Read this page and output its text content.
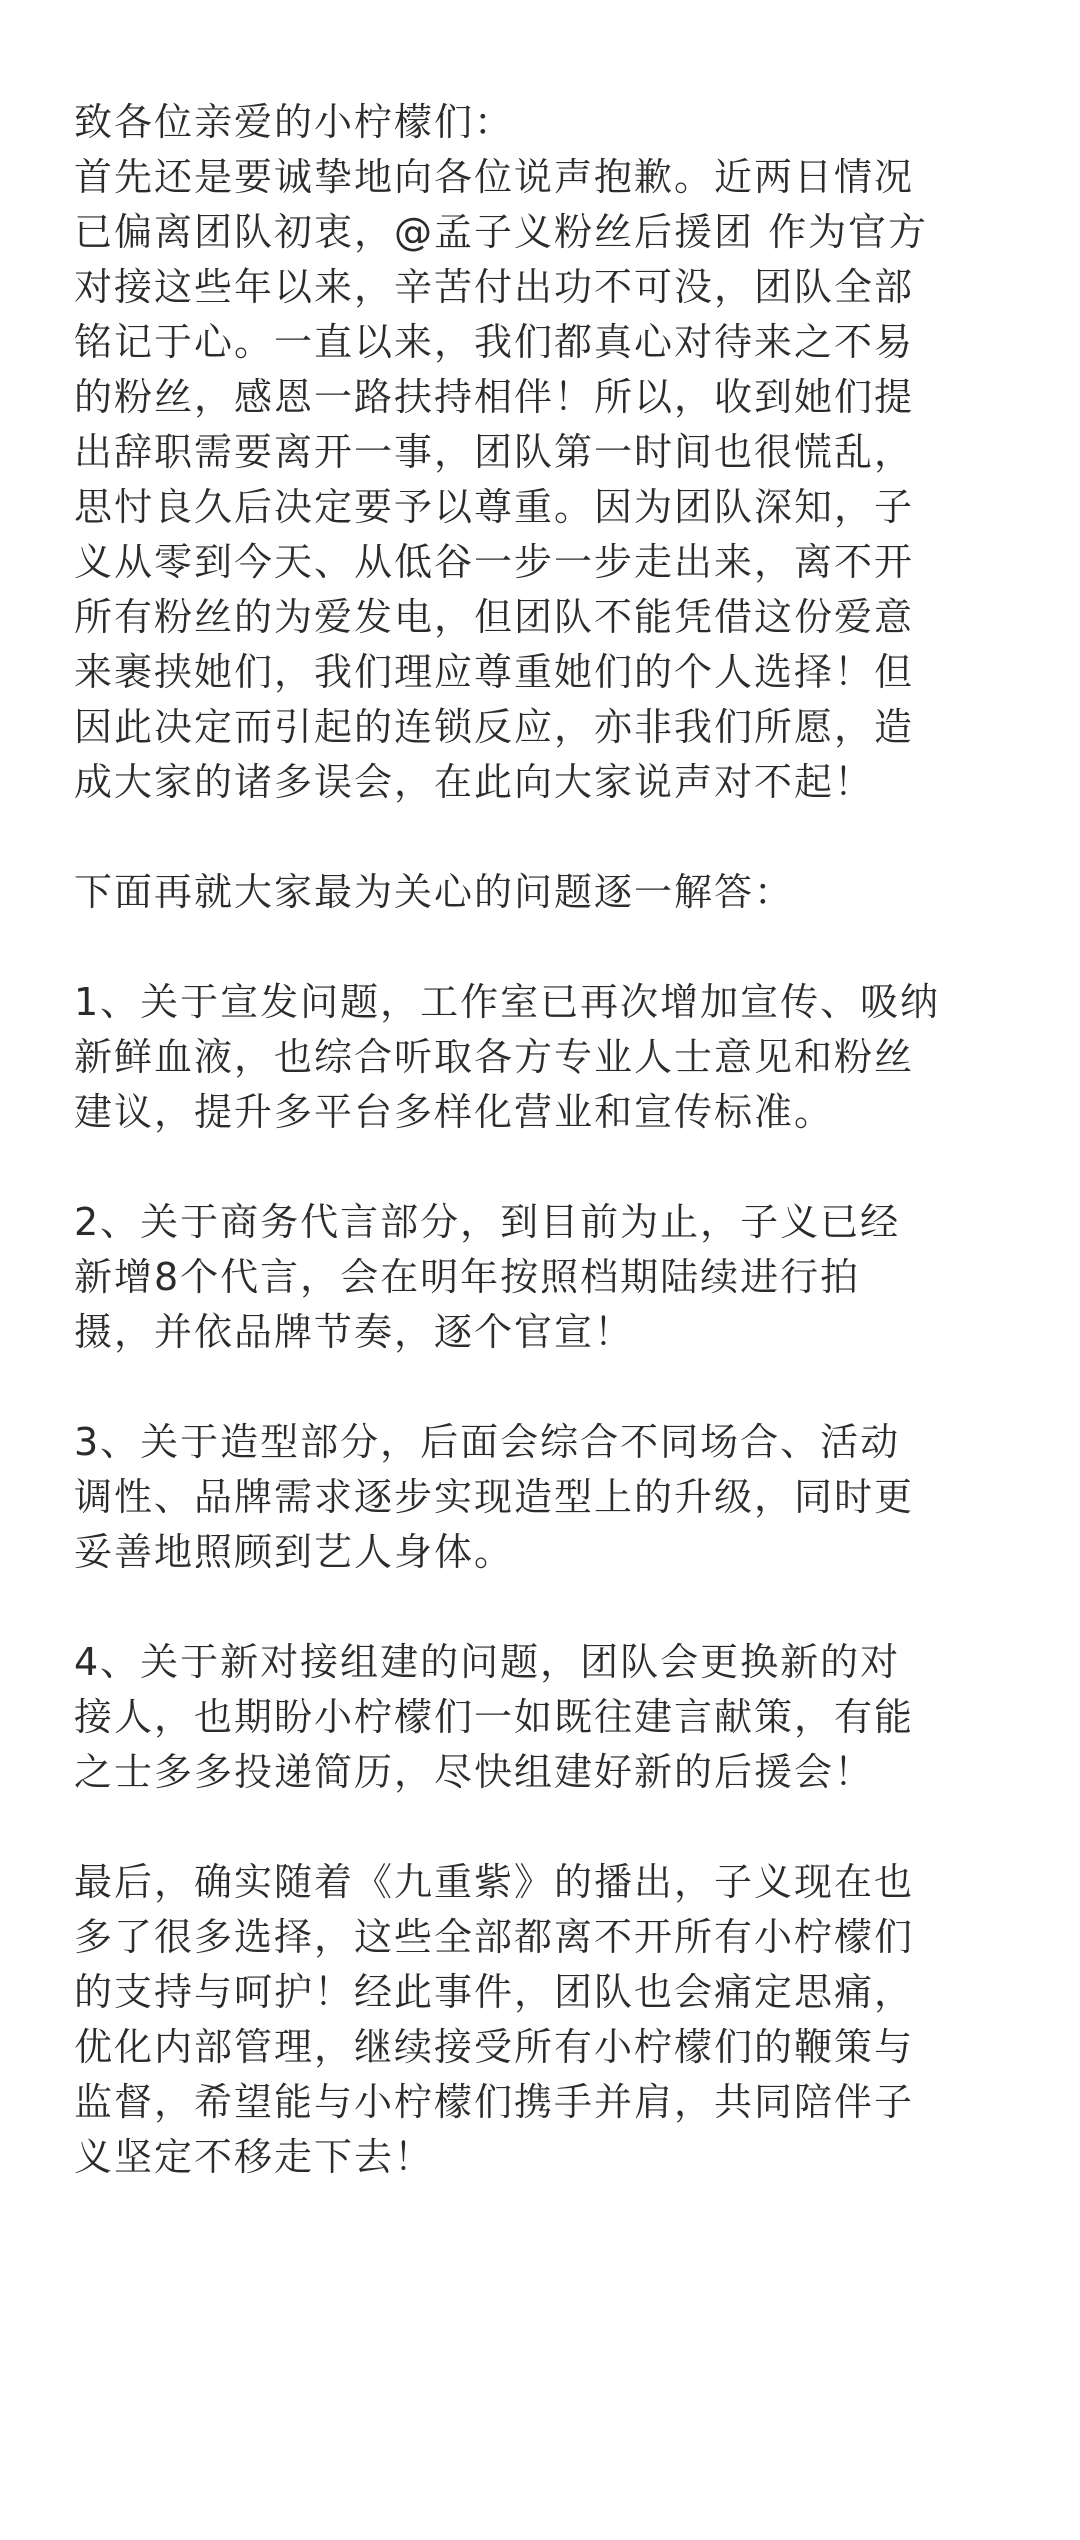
致各位亲爱的小柠檬们：
首先还是要诚挚地向各位说声抱歉。近两日情况
已偏离团队初衷，@孟子义粉丝后援团 作为官方
对接这些年以来，辛苦付出功不可没，团队全部
铭记于心。一直以来，我们都真心对待来之不易
的粉丝，感恩一路扶持相伴！所以，收到她们提
出辞职需要离开一事，团队第一时间也很慌乱，
思忖良久后决定要予以尊重。因为团队深知，子
义从零到今天、从低谷一步一步走出来，离不开
所有粉丝的为爱发电，但团队不能凭借这份爱意
来裹挟她们，我们理应尊重她们的个人选择！但
因此决定而引起的连锁反应，亦非我们所愿，造
成大家的诸多误会，在此向大家说声对不起！
下面再就大家最为关心的问题逐一解答：
1、关于宣发问题，工作室已再次增加宣传、吸纳
新鲜血液，也综合听取各方专业人士意见和粉丝
建议，提升多平台多样化营业和宣传标准。
2、关于商务代言部分，到目前为止，子义已经
新增8个代言，会在明年按照档期陆续进行拍
摄，并依品牌节奏，逐个官宣！
3、关于造型部分，后面会综合不同场合、活动
调性、品牌需求逐步实现造型上的升级，同时更
妥善地照顾到艺人身体。
4、关于新对接组建的问题，团队会更换新的对
接人，也期盼小柠檬们一如既往建言献策，有能
之士多多投递简历，尽快组建好新的后援会！
最后，确实随着《九重紫》的播出，子义现在也
多了很多选择，这些全部都离不开所有小柠檬们
的支持与呵护！经此事件，团队也会痛定思痛，
优化内部管理，继续接受所有小柠檬们的鞭策与
监督，希望能与小柠檬们携手并肩，共同陪伴子
义坚定不移走下去！
